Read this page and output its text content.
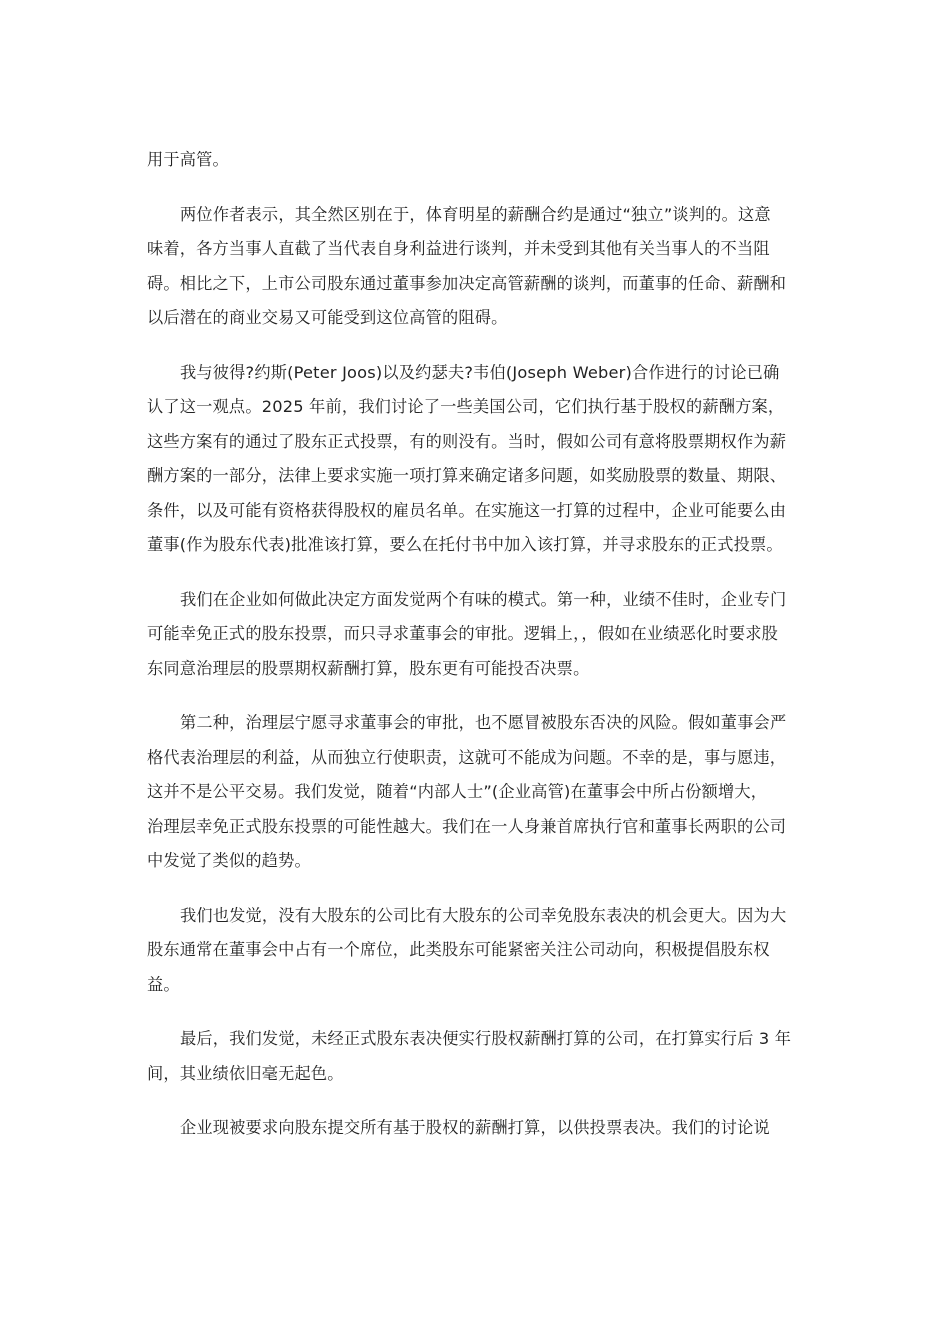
用于高管。

两位作者表示，其全然区别在于，体育明星的薪酬合约是通过“独立”谈判的。这意
味着，各方当事人直截了当代表自身利益进行谈判，并未受到其他有关当事人的不当阻
碍。相比之下，上市公司股东通过董事参加决定高管薪酬的谈判，而董事的任命、薪酬和
以后潜在的商业交易又可能受到这位高管的阻碍。

我与彼得?约斯(Peter Joos)以及约瑟夫?韦伯(Joseph Weber)合作进行的讨论已确
认了这一观点。2025 年前，我们讨论了一些美国公司，它们执行基于股权的薪酬方案，
这些方案有的通过了股东正式投票，有的则没有。当时，假如公司有意将股票期权作为薪
酬方案的一部分，法律上要求实施一项打算来确定诸多问题，如奖励股票的数量、期限、
条件，以及可能有资格获得股权的雇员名单。在实施这一打算的过程中，企业可能要么由
董事(作为股东代表)批准该打算，要么在托付书中加入该打算，并寻求股东的正式投票。

我们在企业如何做此决定方面发觉两个有味的模式。第一种，业绩不佳时，企业专门
可能幸免正式的股东投票，而只寻求董事会的审批。逻辑上，，假如在业绩恶化时要求股
东同意治理层的股票期权薪酬打算，股东更有可能投否决票。

第二种，治理层宁愿寻求董事会的审批，也不愿冒被股东否决的风险。假如董事会严
格代表治理层的利益，从而独立行使职责，这就可不能成为问题。不幸的是，事与愿违，
这并不是公平交易。我们发觉，随着“内部人士”(企业高管)在董事会中所占份额增大，
治理层幸免正式股东投票的可能性越大。我们在一人身兼首席执行官和董事长两职的公司
中发觉了类似的趋势。

我们也发觉，没有大股东的公司比有大股东的公司幸免股东表决的机会更大。因为大
股东通常在董事会中占有一个席位，此类股东可能紧密关注公司动向，积极提倡股东权
益。

最后，我们发觉，未经正式股东表决便实行股权薪酬打算的公司，在打算实行后 3 年
间，其业绩依旧毫无起色。

企业现被要求向股东提交所有基于股权的薪酬打算，以供投票表决。我们的讨论说
